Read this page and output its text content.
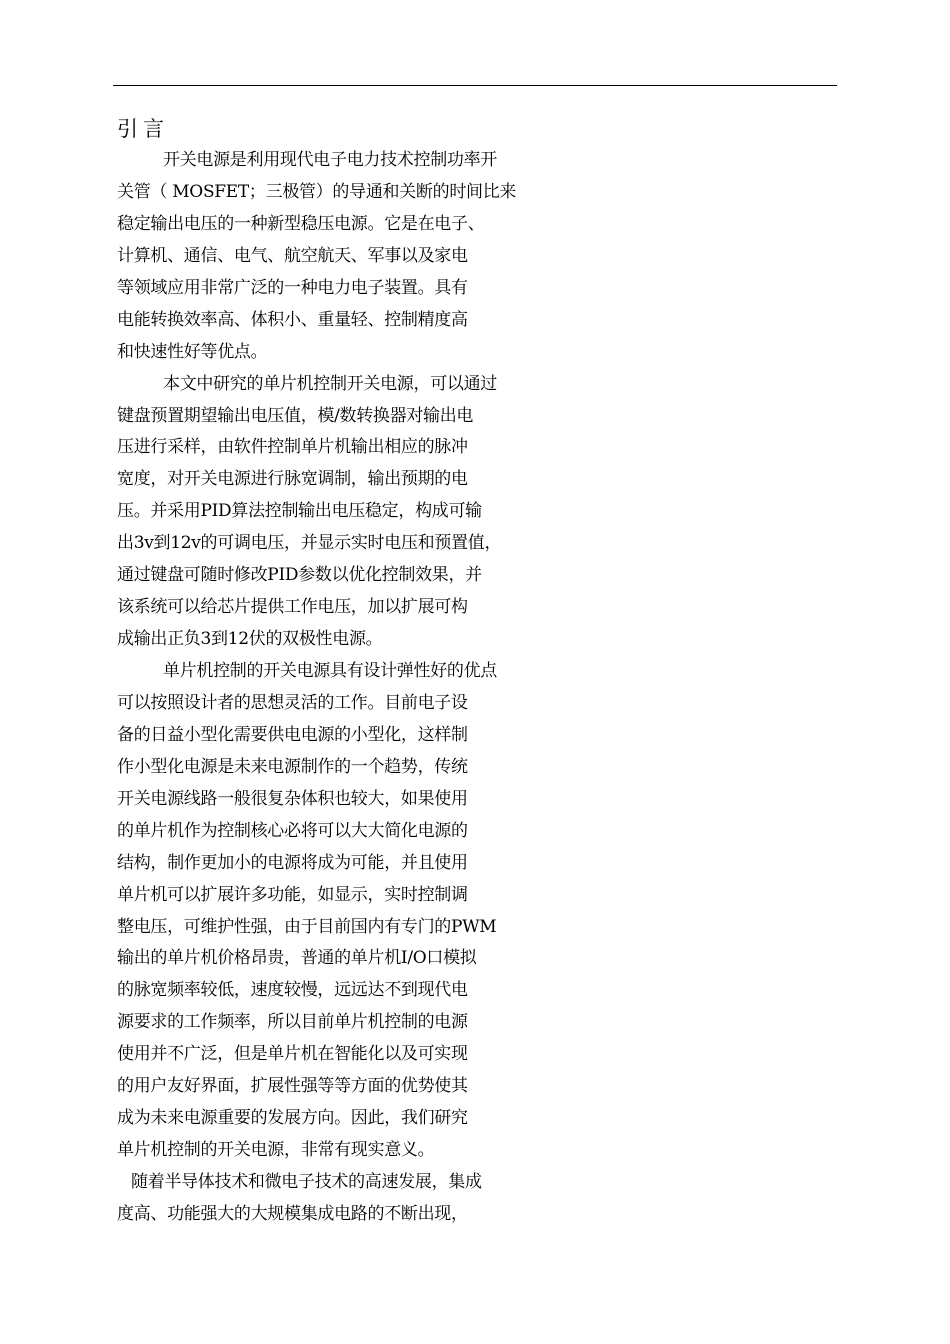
引言
开关电源是利用现代电子电力技术控制功率开
关管（ MOSFET；三极管）的导通和关断的时间比来
稳定输出电压的一种新型稳压电源。它是在电子、
计算机、通信、电气、航空航天、军事以及家电
等领域应用非常广泛的一种电力电子装置。具有
电能转换效率高、体积小、重量轻、控制精度高
和快速性好等优点。
本文中研究的单片机控制开关电源，可以通过
键盘预置期望输出电压值，模/数转换器对输出电
压进行采样，由软件控制单片机输出相应的脉冲
宽度，对开关电源进行脉宽调制，输出预期的电
压。并采用PID算法控制输出电压稳定，构成可输
出3v到12v的可调电压，并显示实时电压和预置值，
通过键盘可随时修改PID参数以优化控制效果，并
该系统可以给芯片提供工作电压，加以扩展可构
成输出正负3到12伏的双极性电源。
单片机控制的开关电源具有设计弹性好的优点
可以按照设计者的思想灵活的工作。目前电子设
备的日益小型化需要供电电源的小型化，这样制
作小型化电源是未来电源制作的一个趋势，传统
开关电源线路一般很复杂体积也较大，如果使用
的单片机作为控制核心必将可以大大简化电源的
结构，制作更加小的电源将成为可能，并且使用
单片机可以扩展许多功能，如显示，实时控制调
整电压，可维护性强，由于目前国内有专门的PWM
输出的单片机价格昂贵，普通的单片机I/O口模拟
的脉宽频率较低，速度较慢，远远达不到现代电
源要求的工作频率，所以目前单片机控制的电源
使用并不广泛，但是单片机在智能化以及可实现
的用户友好界面，扩展性强等等方面的优势使其
成为未来电源重要的发展方向。因此，我们研究
单片机控制的开关电源，非常有现实意义。
随着半导体技术和微电子技术的高速发展，集成
度高、功能强大的大规模集成电路的不断出现，
